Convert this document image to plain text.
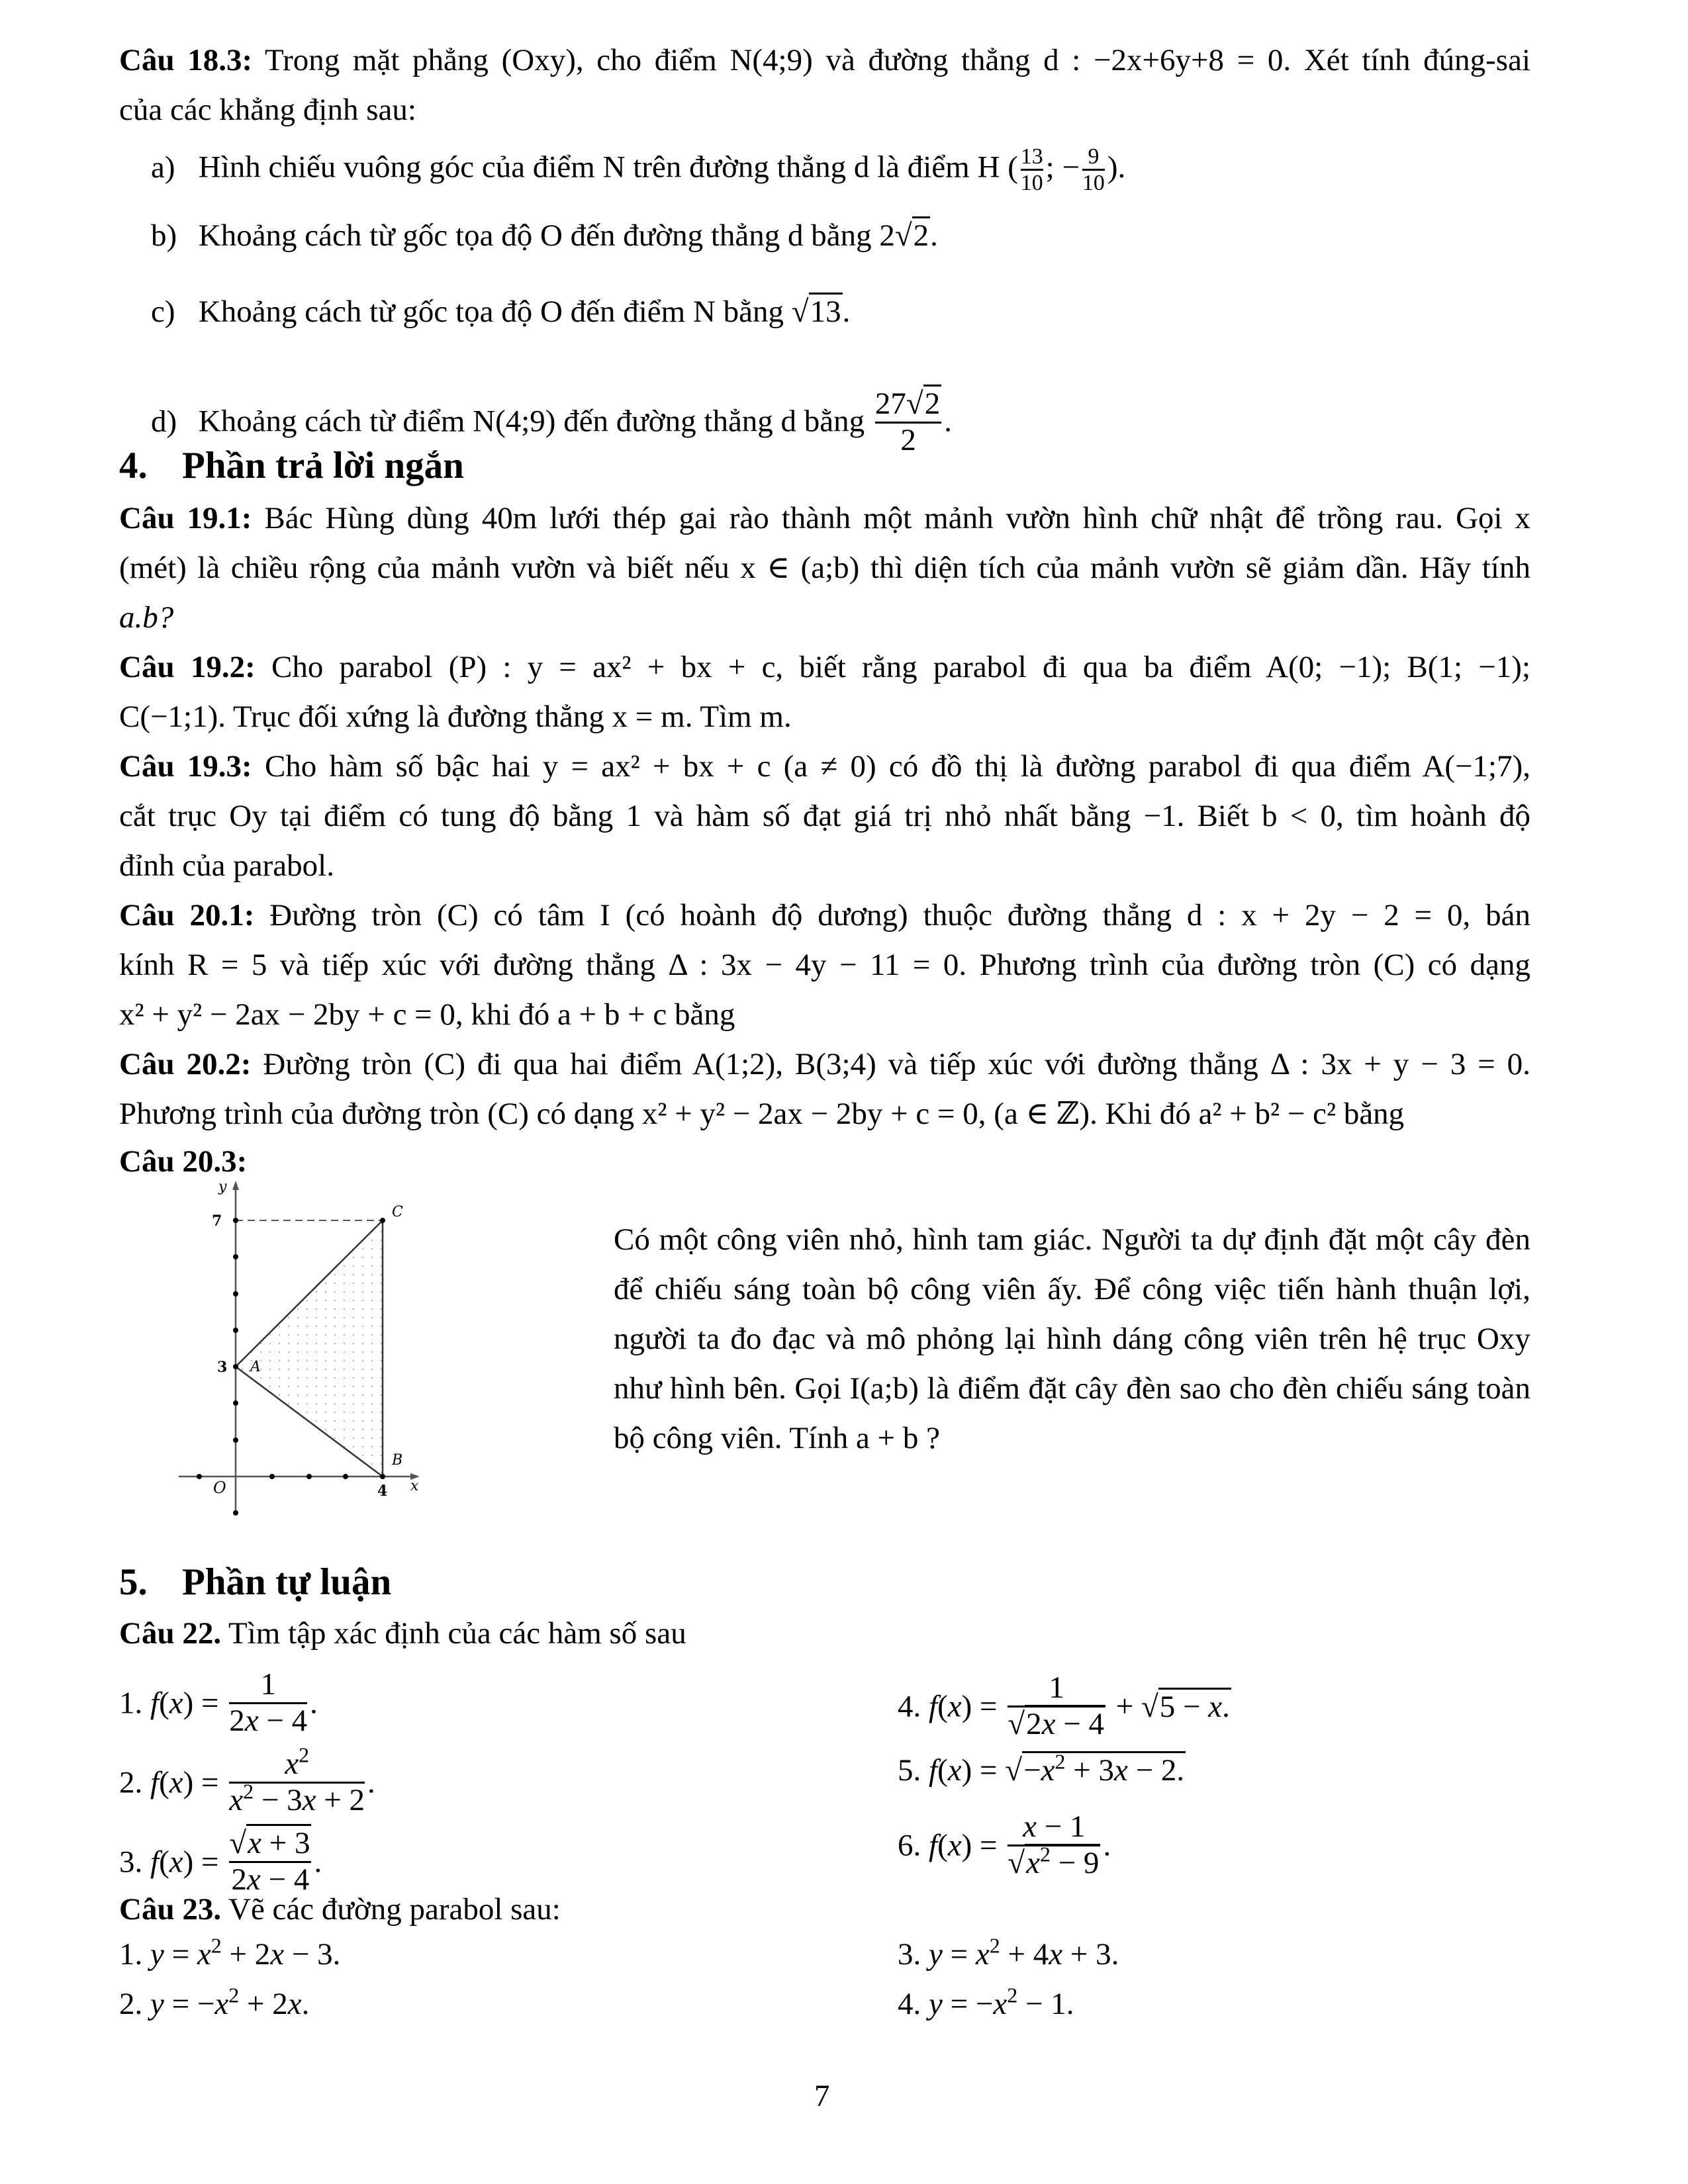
Câu 18.3: Trong mặt phẳng (Oxy), cho điểm N(4;9) và đường thẳng d : −2x+6y+8 = 0. Xét tính đúng-sai
của các khẳng định sau:
a) Hình chiếu vuông góc của điểm N trên đường thẳng d là điểm H ( $\frac{13}{10}$ ; − $\frac{9}{10}$ ).
b) Khoảng cách từ gốc tọa độ O đến đường thẳng d bằng 2√2.
c) Khoảng cách từ gốc tọa độ O đến điểm N bằng √13.
d) Khoảng cách từ điểm N(4;9) đến đường thẳng d bằng $\frac{27√2}{2}$ .
4. Phần trả lời ngắn
Câu 19.1: Bác Hùng dùng 40m lưới thép gai rào thành một mảnh vườn hình chữ nhật để trồng rau. Gọi x
(mét) là chiều rộng của mảnh vườn và biết nếu x ∈ (a;b) thì diện tích của mảnh vườn sẽ giảm dần. Hãy tính
a.b?
Câu 19.2: Cho parabol (P) : y = ax² + bx + c, biết rằng parabol đi qua ba điểm A(0; −1); B(1; −1);
C(−1;1). Trục đối xứng là đường thẳng x = m. Tìm m.
Câu 19.3: Cho hàm số bậc hai y = ax² + bx + c (a ≠ 0) có đồ thị là đường parabol đi qua điểm A(−1;7),
cắt trục Oy tại điểm có tung độ bằng 1 và hàm số đạt giá trị nhỏ nhất bằng −1. Biết b < 0, tìm hoành độ
đỉnh của parabol.
Câu 20.1: Đường tròn (C) có tâm I (có hoành độ dương) thuộc đường thẳng d : x + 2y − 2 = 0, bán
kính R = 5 và tiếp xúc với đường thẳng Δ : 3x − 4y − 11 = 0. Phương trình của đường tròn (C) có dạng
x² + y² − 2ax − 2by + c = 0, khi đó a + b + c bằng
Câu 20.2: Đường tròn (C) đi qua hai điểm A(1;2), B(3;4) và tiếp xúc với đường thẳng Δ : 3x + y − 3 = 0.
Phương trình của đường tròn (C) có dạng x² + y² − 2ax − 2by + c = 0, (a ∈ ℤ). Khi đó a² + b² − c² bằng
Câu 20.3:
y
x
7
3
4
O
A
B
C
Có một công viên nhỏ, hình tam giác. Người ta dự định đặt một cây đèn để chiếu sáng toàn bộ công viên ấy. Để công việc tiến hành thuận lợi, người ta đo đạc và mô phỏng lại hình dáng công viên trên hệ trục Oxy như hình bên. Gọi I(a;b) là điểm đặt cây đèn sao cho đèn chiếu sáng toàn bộ công viên. Tính a + b ?
5. Phần tự luận
Câu 22. Tìm tập xác định của các hàm số sau
1. $f(x) = \frac{1}{2x - 4}$ .
2. $f(x) = \frac{x^2}{x^2 - 3x + 2}$ .
3. $f(x) = \frac{√x + 3}{2x - 4}$ .
4. $f(x) = \frac{1}{√2x - 4} + √5 - x$.
5. $f(x) = √-x^2 + 3x - 2$.
6. $f(x) = \frac{x - 1}{√x^2 - 9}$ .
Câu 23. Vẽ các đường parabol sau:
1. $y = x^2 + 2x - 3$.
2. $y = -x^2 + 2x$.
3. $y = x^2 + 4x + 3$.
4. $y = -x^2 - 1$.
7
